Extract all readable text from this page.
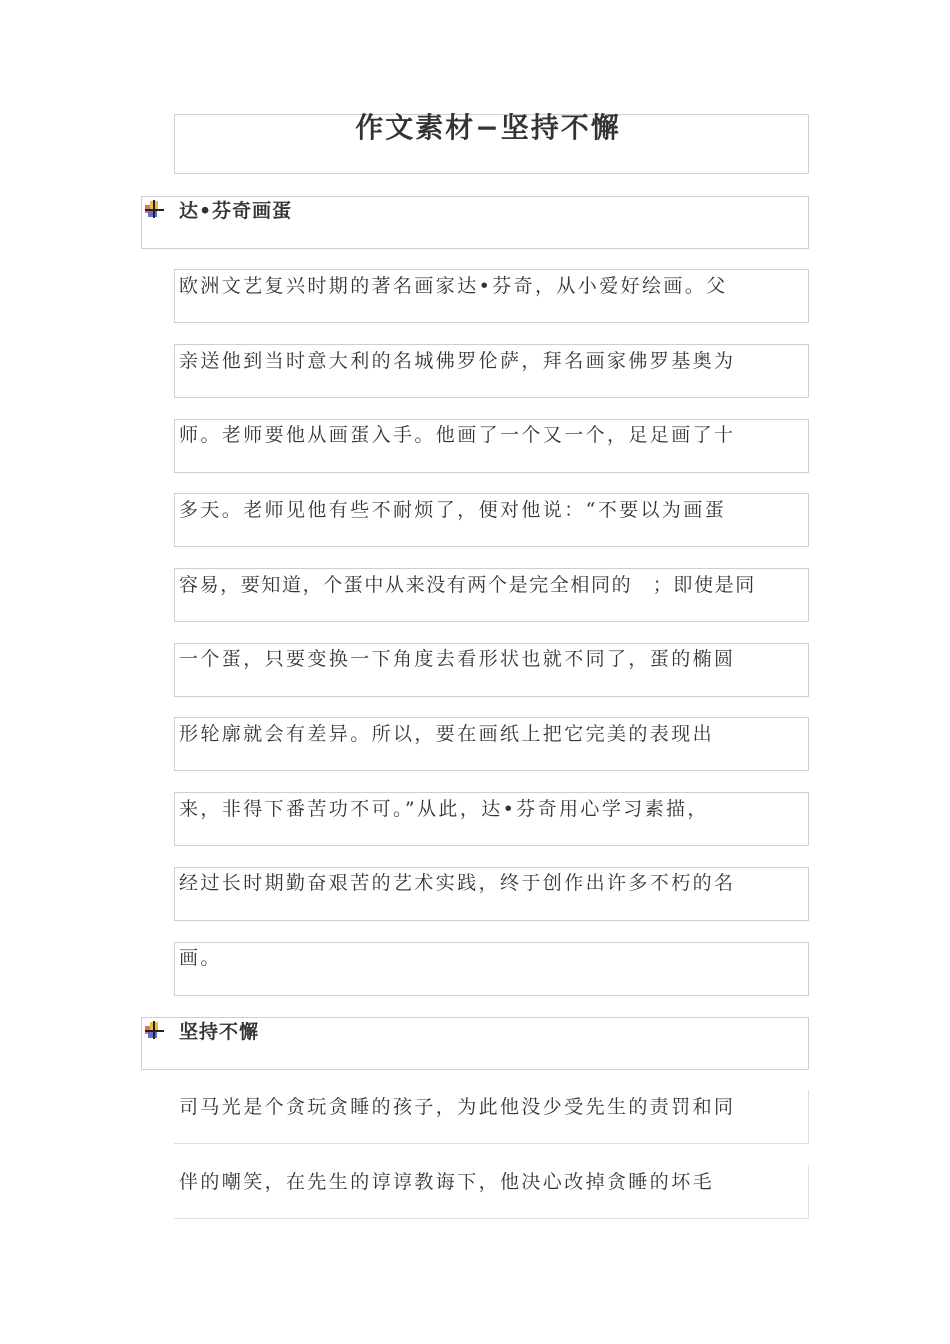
作文素材−坚持不懈
达•芬奇画蛋
欧洲文艺复兴时期的著名画家达•芬奇，从小爱好绘画。父
亲送他到当时意大利的名城佛罗伦萨，拜名画家佛罗基奥为
师。老师要他从画蛋入手。他画了一个又一个，足足画了十
多天。老师见他有些不耐烦了，便对他说：“不要以为画蛋
容易，要知道，个蛋中从来没有两个是完全相同的　；即使是同
一个蛋，只要变换一下角度去看形状也就不同了，蛋的椭圆
形轮廓就会有差异。所以，要在画纸上把它完美的表现出
来，非得下番苦功不可。”从此，达•芬奇用心学习素描，
经过长时期勤奋艰苦的艺术实践，终于创作出许多不朽的名
画。
坚持不懈
司马光是个贪玩贪睡的孩子，为此他没少受先生的责罚和同
伴的嘲笑，在先生的谆谆教诲下，他决心改掉贪睡的坏毛
